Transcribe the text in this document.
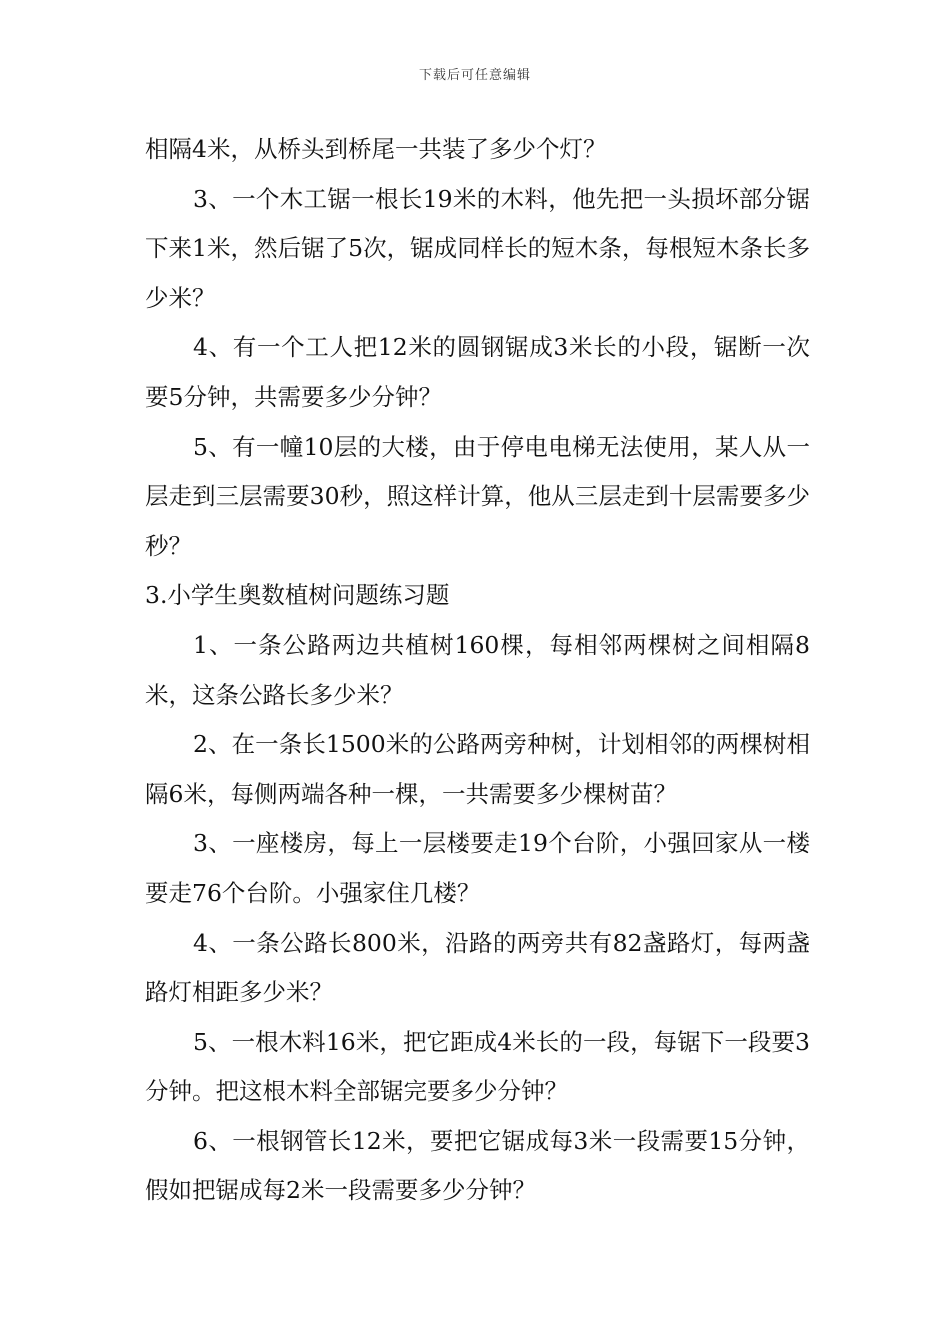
下载后可任意编辑

相隔4米，从桥头到桥尾一共装了多少个灯？

3、一个木工锯一根长19米的木料，他先把一头损坏部分锯下来1米，然后锯了5次，锯成同样长的短木条，每根短木条长多少米？

4、有一个工人把12米的圆钢锯成3米长的小段，锯断一次要5分钟，共需要多少分钟？

5、有一幢10层的大楼，由于停电电梯无法使用，某人从一层走到三层需要30秒，照这样计算，他从三层走到十层需要多少秒？

3.小学生奥数植树问题练习题

1、一条公路两边共植树160棵，每相邻两棵树之间相隔8米，这条公路长多少米？

2、在一条长1500米的公路两旁种树，计划相邻的两棵树相隔6米，每侧两端各种一棵，一共需要多少棵树苗？

3、一座楼房，每上一层楼要走19个台阶，小强回家从一楼要走76个台阶。小强家住几楼？

4、一条公路长800米，沿路的两旁共有82盏路灯，每两盏路灯相距多少米？

5、一根木料16米，把它距成4米长的一段，每锯下一段要3分钟。把这根木料全部锯完要多少分钟？

6、一根钢管长12米，要把它锯成每3米一段需要15分钟，假如把锯成每2米一段需要多少分钟？
